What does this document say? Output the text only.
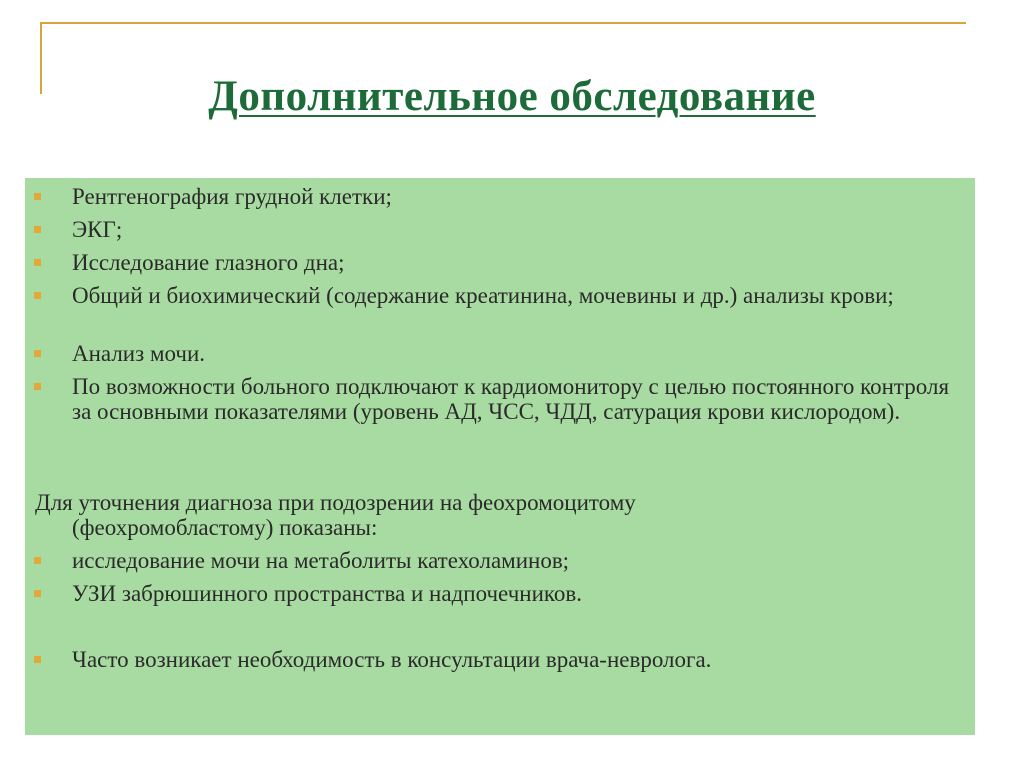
Дополнительное обследование
Рентгенография грудной клетки;
ЭКГ;
Исследование глазного дна;
Общий и биохимический (содержание креатинина, мочевины и др.) анализы крови;
Анализ мочи.
По возможности больного подключают к кардиомонитору с целью постоянного контроля за основными показателями (уровень АД, ЧСС, ЧДД, сатурация крови кислородом).
Для уточнения диагноза при подозрении на феохромоцитому
(феохромобластому) показаны:
исследование мочи на метаболиты катехоламинов;
УЗИ забрюшинного пространства и надпочечников.
Часто возникает необходимость в консультации врача-невролога.
